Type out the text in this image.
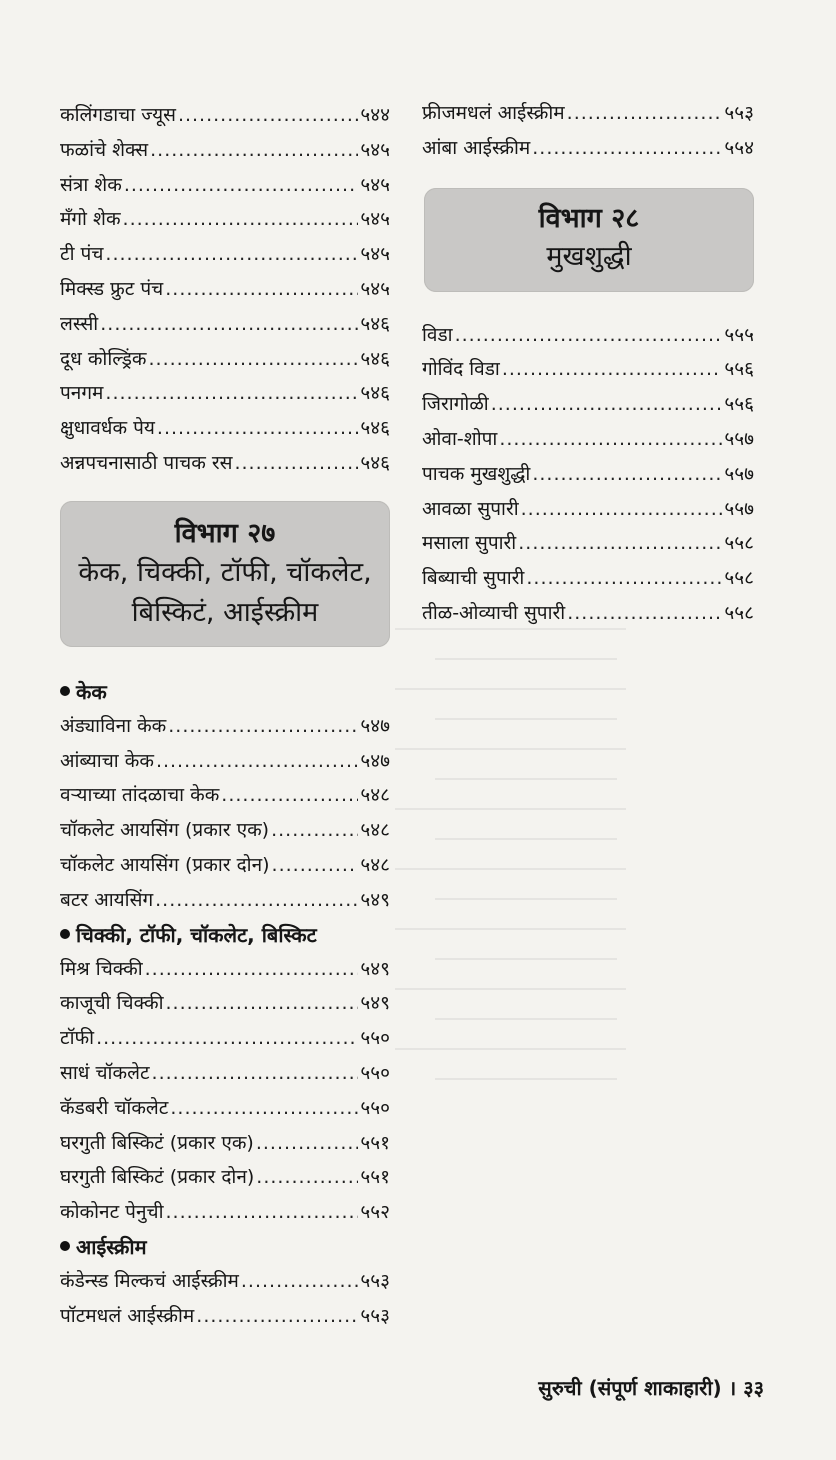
कलिंगडाचा ज्यूस .....	५४४
फळांचे शेक्स .....	५४५
संत्रा शेक .....	५४५
मँगो शेक .....	५४५
टी पंच .....	५४५
मिक्स्ड फ्रुट पंच .....	५४५
लस्सी .....	५४६
दूध कोल्ड्रिंक .....	५४६
पनगम .....	५४६
क्षुधावर्धक पेय .....	५४६
अन्नपचनासाठी पाचक रस .....	५४६
विभाग २७
केक, चिक्की, टॉफी, चॉकलेट,
बिस्किटं, आईस्क्रीम
केक
अंड्याविना केक .....	५४७
आंब्याचा केक .....	५४७
वऱ्याच्या तांदळाचा केक .....	५४८
चॉकलेट आयसिंग (प्रकार एक) .....	५४८
चॉकलेट आयसिंग (प्रकार दोन) .....	५४८
बटर आयसिंग .....	५४९
चिक्की, टॉफी, चॉकलेट, बिस्किट
मिश्र चिक्की .....	५४९
काजूची चिक्की .....	५४९
टॉफी .....	५५०
साधं चॉकलेट .....	५५०
कॅडबरी चॉकलेट .....	५५०
घरगुती बिस्किटं (प्रकार एक) .....	५५१
घरगुती बिस्किटं (प्रकार दोन) .....	५५१
कोकोनट पेनुची .....	५५२
आईस्क्रीम
कंडेन्स्ड मिल्कचं आईस्क्रीम .....	५५३
पॉटमधलं आईस्क्रीम .....	५५३
फ्रीजमधलं आईस्क्रीम .....	५५३
आंबा आईस्क्रीम .....	५५४
विभाग २८
मुखशुद्धी
विडा .....	५५५
गोविंद विडा .....	५५६
जिरागोळी .....	५५६
ओवा-शोपा .....	५५७
पाचक मुखशुद्धी .....	५५७
आवळा सुपारी .....	५५७
मसाला सुपारी .....	५५८
बिब्याची सुपारी .....	५५८
तीळ-ओव्याची सुपारी .....	५५८
सुरुची (संपूर्ण शाकाहारी) । ३३
